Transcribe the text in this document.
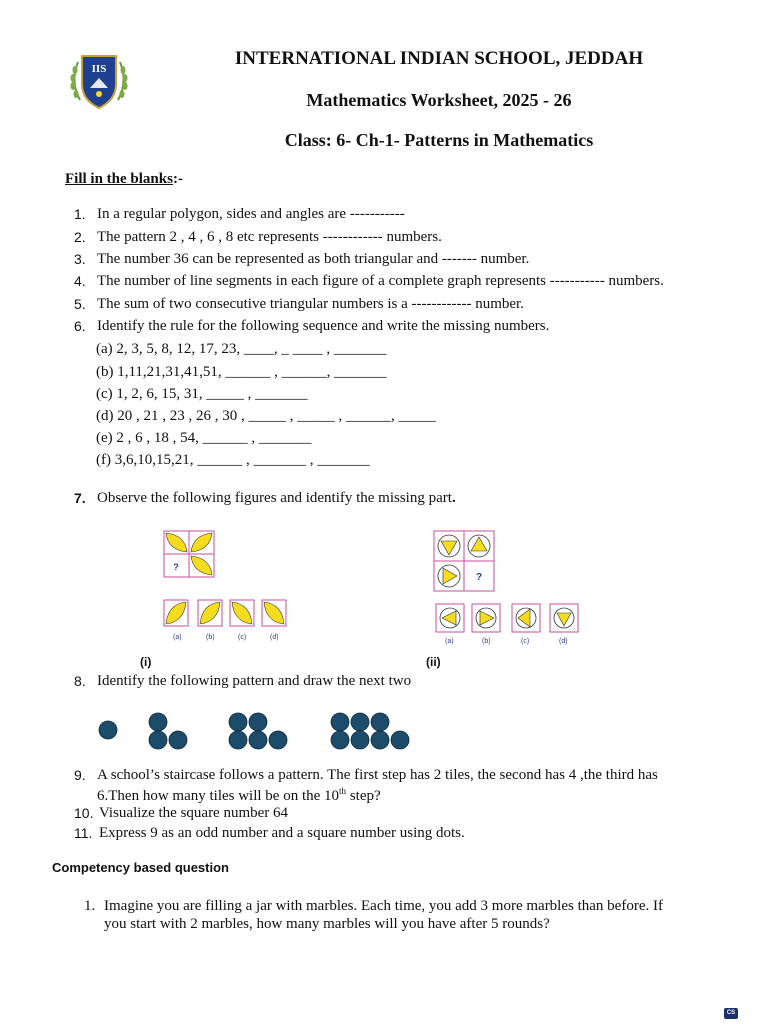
IIS	INTERNATIONAL INDIAN SCHOOL, JEDDAH
Mathematics Worksheet, 2025 - 26
Class: 6- Ch-1- Patterns in Mathematics
Fill in the blanks:-
1. In a regular polygon, sides and angles are -----------
2. The pattern 2 , 4 , 6 , 8 etc represents ------------ numbers.
3. The number 36 can be represented as both triangular and ------- number.
4. The number of line segments in each figure of a complete graph represents ----------- numbers.
5. The sum of two consecutive triangular numbers is a ------------ number.
6. Identify the rule for the following sequence and write the missing numbers.
(a) 2, 3, 5, 8, 12, 17, 23, ____, _ ____ , _______
(b) 1,11,21,31,41,51, ______ , ______, _______
(c) 1, 2, 6, 15, 31, _____ , _______
(d) 20 , 21 , 23 , 26 , 30 , _____ , _____ , ______, _____
(e) 2 , 6 , 18 , 54, ______ , _______
(f) 3,6,10,15,21, ______ , _______ , _______
7. Observe the following figures and identify the missing part.
?
(a)	(b)	(c)	(d)
(i)
?
(a)	(b)	(c)	(d)
(ii)
8. Identify the following pattern and draw the next two
9. A school’s staircase follows a pattern. The first step has 2 tiles, the second has 4 ,the third has
6.Then how many tiles will be on the 10th step?
10. Visualize the square number 64
11. Express 9 as an odd number and a square number using dots.
Competency based question
1. Imagine you are filling a jar with marbles. Each time, you add 3 more marbles than before. If
you start with 2 marbles, how many marbles will you have after 5 rounds?
CS
